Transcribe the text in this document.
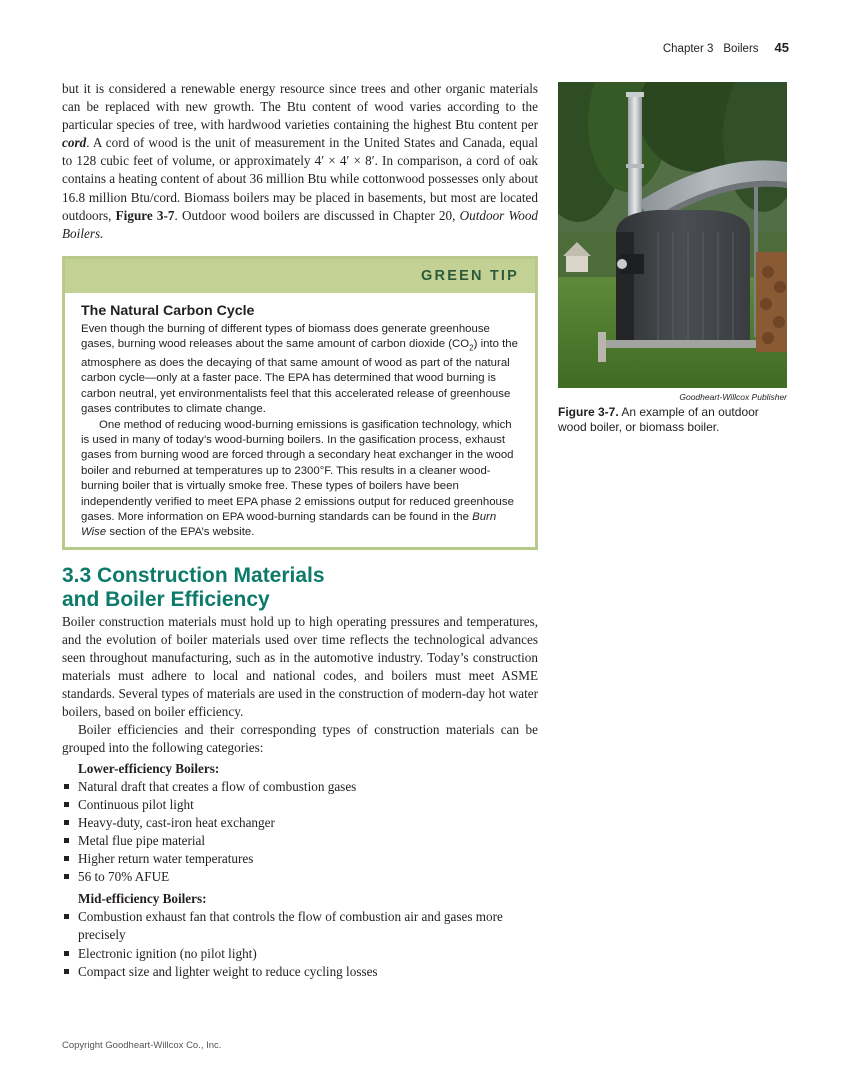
Chapter 3 Boilers 45

but it is considered a renewable energy resource since trees and other organic materials can be replaced with new growth. The Btu content of wood varies according to the particular species of tree, with hardwood varieties containing the highest Btu content per cord. A cord of wood is the unit of measurement in the United States and Canada, equal to 128 cubic feet of volume, or approximately 4′ × 4′ × 8′. In comparison, a cord of oak contains a heating content of about 36 million Btu while cottonwood possesses only about 16.8 million Btu/cord. Biomass boilers may be placed in basements, but most are located outdoors, Figure 3-7. Outdoor wood boilers are discussed in Chapter 20, Outdoor Wood Boilers.

GREEN TIP
The Natural Carbon Cycle

Even though the burning of different types of biomass does generate greenhouse gases, burning wood releases about the same amount of carbon dioxide $(CO_2)$ into the atmosphere as does the decaying of that same amount of wood as part of the natural carbon cycle—only at a faster pace. The EPA has determined that wood burning is carbon neutral, yet environmentalists feel that this accelerated release of greenhouse gases contributes to climate change.

One method of reducing wood-burning emissions is gasification technology, which is used in many of today’s wood-burning boilers. In the gasification process, exhaust gases from burning wood are forced through a secondary heat exchanger in the wood boiler and reburned at temperatures up to 2300°F. This results in a cleaner wood-burning boiler that is virtually smoke free. These types of boilers have been independently verified to meet EPA phase 2 emissions output for reduced greenhouse gases. More information on EPA wood-burning standards can be found in the Burn Wise section of the EPA’s website.

3.3 Construction Materials
and Boiler Efficiency

Boiler construction materials must hold up to high operating pressures and temperatures, and the evolution of boiler materials used over time reflects the technological advances seen throughout manufacturing, such as in the automotive industry. Today’s construction materials must adhere to local and national codes, and boilers must meet ASME standards. Several types of materials are used in the construction of modern-day hot water boilers, based on boiler efficiency.

Boiler efficiencies and their corresponding types of construction materials can be grouped into the following categories:

Lower-efficiency Boilers:
Natural draft that creates a flow of combustion gases
Continuous pilot light
Heavy-duty, cast-iron heat exchanger
Metal flue pipe material
Higher return water temperatures
56 to 70% AFUE
Mid-efficiency Boilers:
Combustion exhaust fan that controls the flow of combustion air and gases more precisely
Electronic ignition (no pilot light)
Compact size and lighter weight to reduce cycling losses
Goodheart-Willcox Publisher

Figure 3-7. An example of an outdoor wood boiler, or biomass boiler.

Copyright Goodheart-Willcox Co., Inc.
